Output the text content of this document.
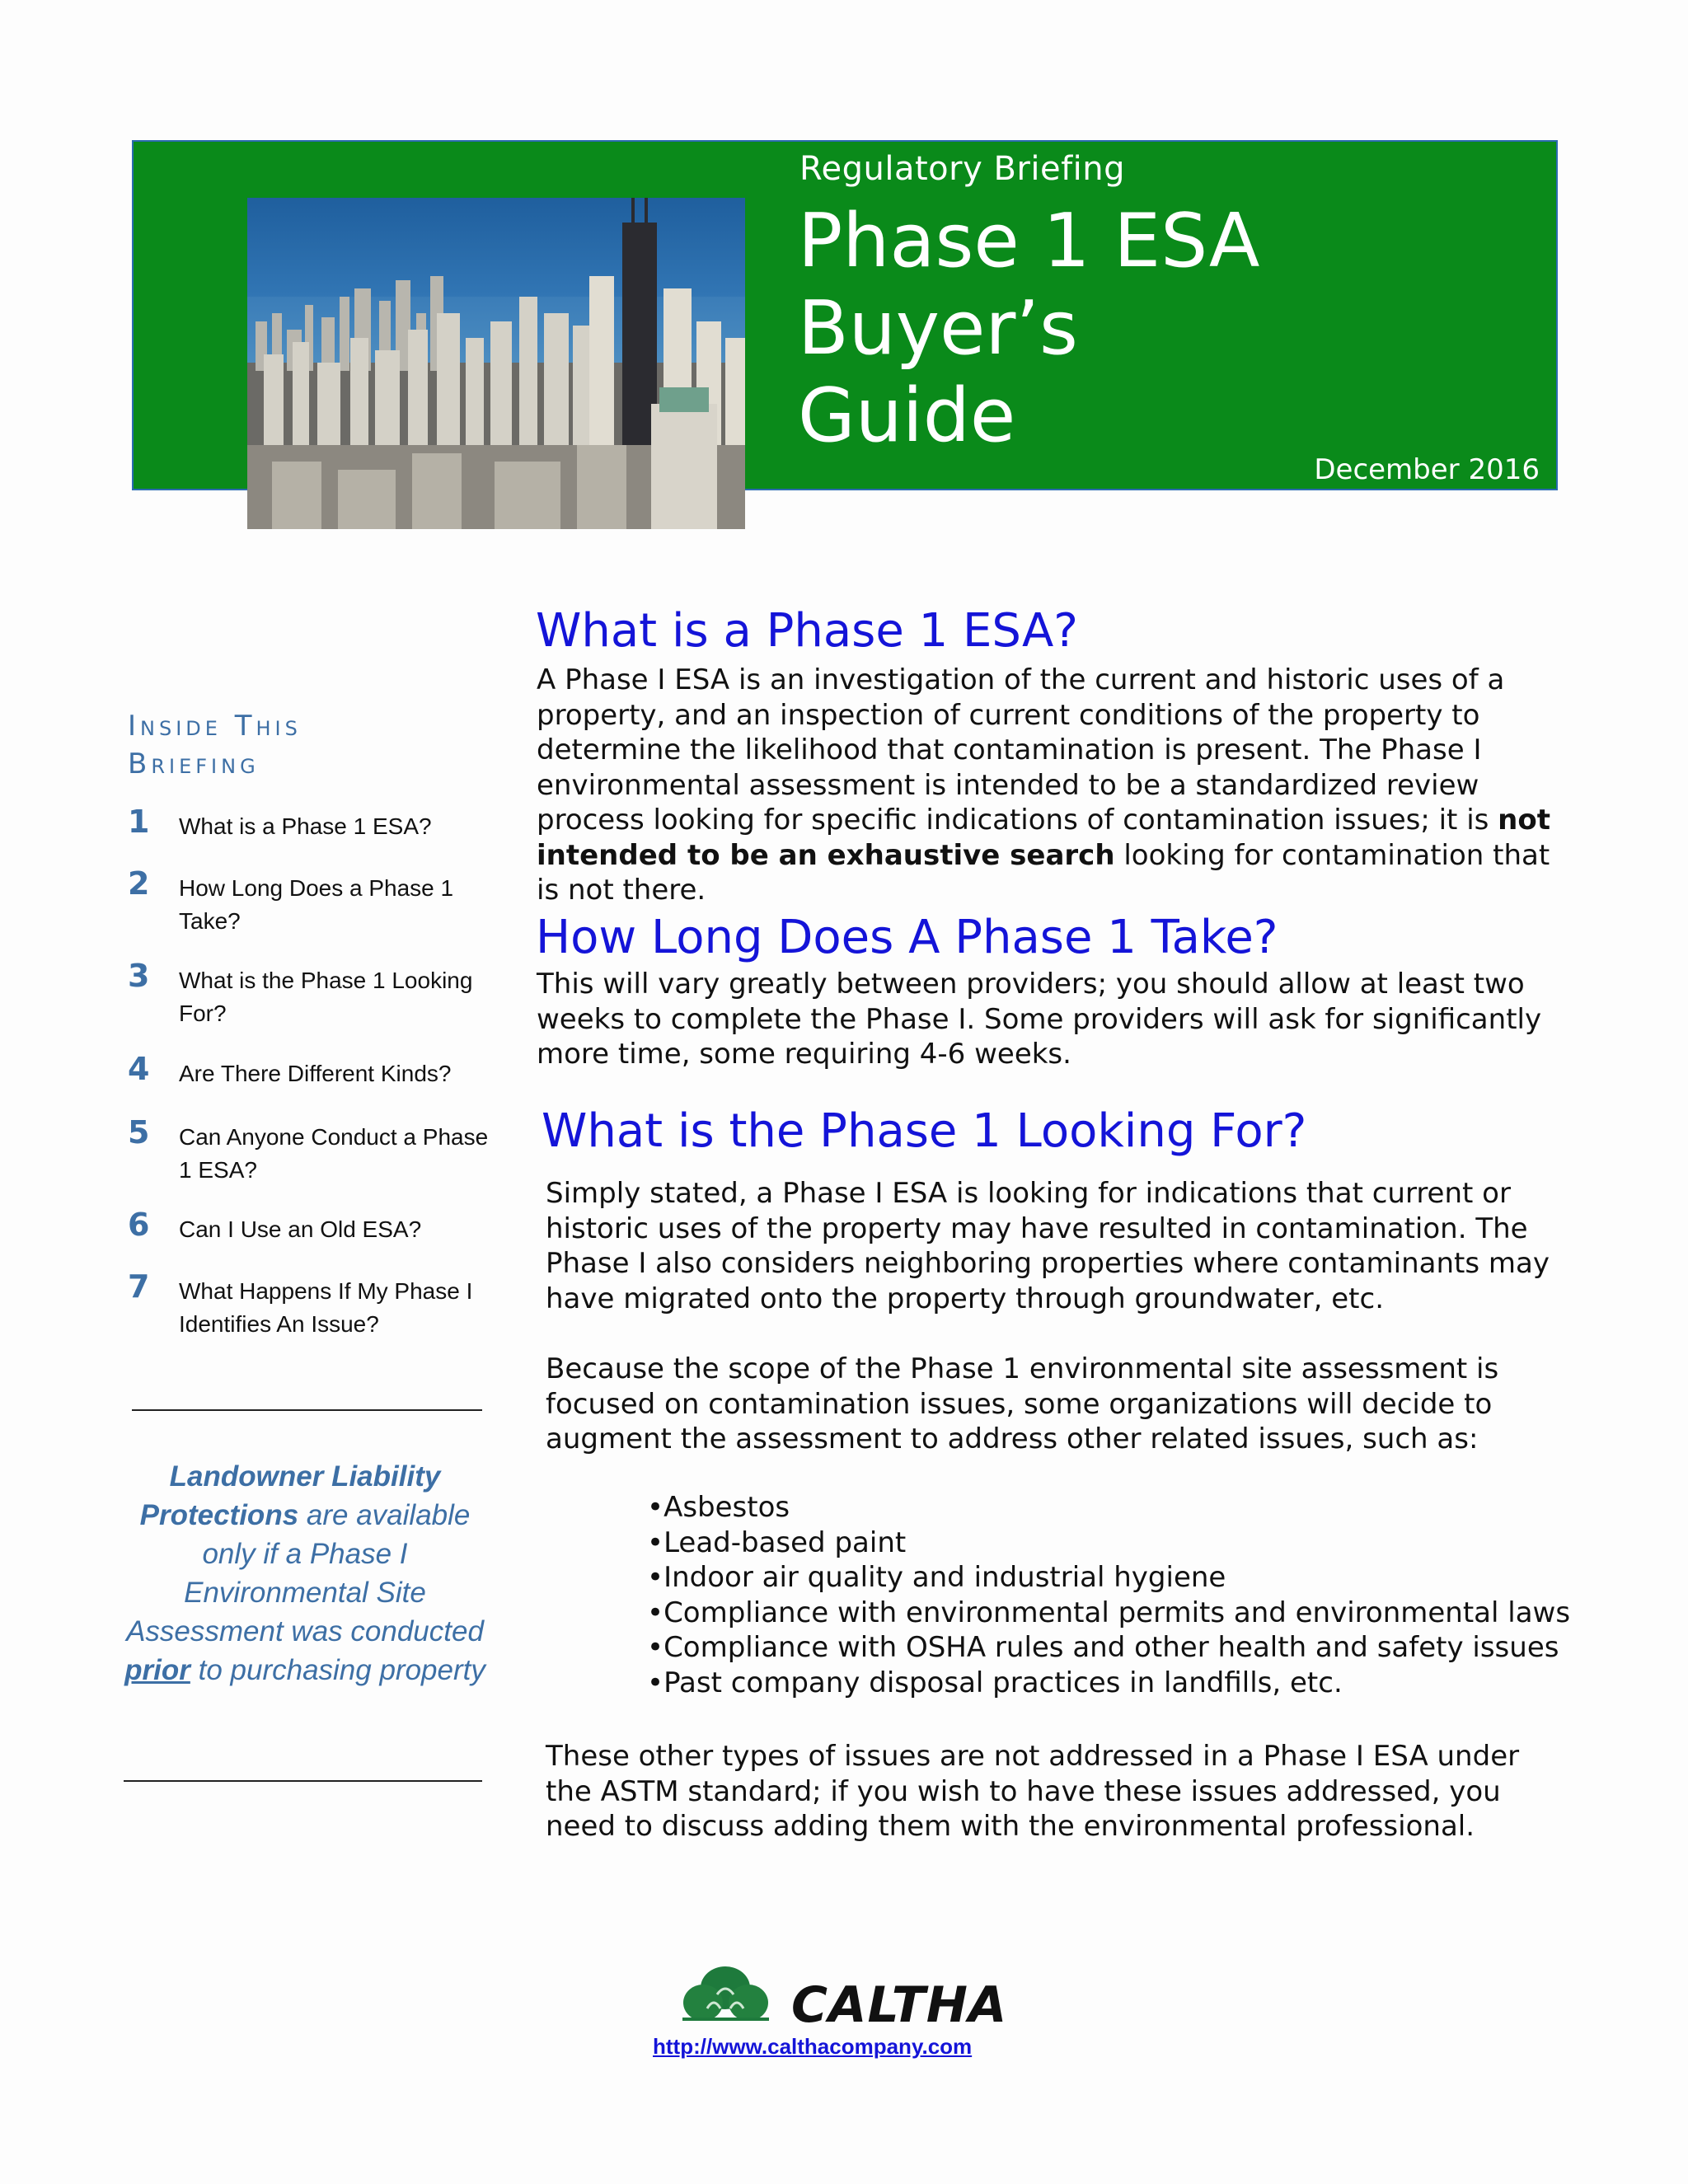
Regulatory Briefing
Phase 1 ESA
Buyer’s
Guide
December 2016
Inside This
Briefing
1 What is a Phase 1 ESA?
2 How Long Does a Phase 1 Take?
3 What is the Phase 1 Looking For?
4 Are There Different Kinds?
5 Can Anyone Conduct a Phase 1 ESA?
6 Can I Use an Old ESA?
7 What Happens If My Phase I Identifies An Issue?
Landowner Liability Protections are available only if a Phase I Environmental Site Assessment was conducted prior to purchasing property
What is a Phase 1 ESA?
A Phase I ESA is an investigation of the current and historic uses of a property, and an inspection of current conditions of the property to determine the likelihood that contamination is present. The Phase I environmental assessment is intended to be a standardized review process looking for specific indications of contamination issues; it is not intended to be an exhaustive search looking for contamination that is not there.
How Long Does A Phase 1 Take?
This will vary greatly between providers; you should allow at least two weeks to complete the Phase I. Some providers will ask for significantly more time, some requiring 4-6 weeks.
What is the Phase 1 Looking For?
Simply stated, a Phase I ESA is looking for indications that current or historic uses of the property may have resulted in contamination. The Phase I also considers neighboring properties where contaminants may have migrated onto the property through groundwater, etc.
Because the scope of the Phase 1 environmental site assessment is focused on contamination issues, some organizations will decide to augment the assessment to address other related issues, such as:
• Asbestos
• Lead-based paint
• Indoor air quality and industrial hygiene
• Compliance with environmental permits and environmental laws
• Compliance with OSHA rules and other health and safety issues
• Past company disposal practices in landfills, etc.
These other types of issues are not addressed in a Phase I ESA under the ASTM standard; if you wish to have these issues addressed, you need to discuss adding them with the environmental professional.
CALTHA
http://www.calthacompany.com
